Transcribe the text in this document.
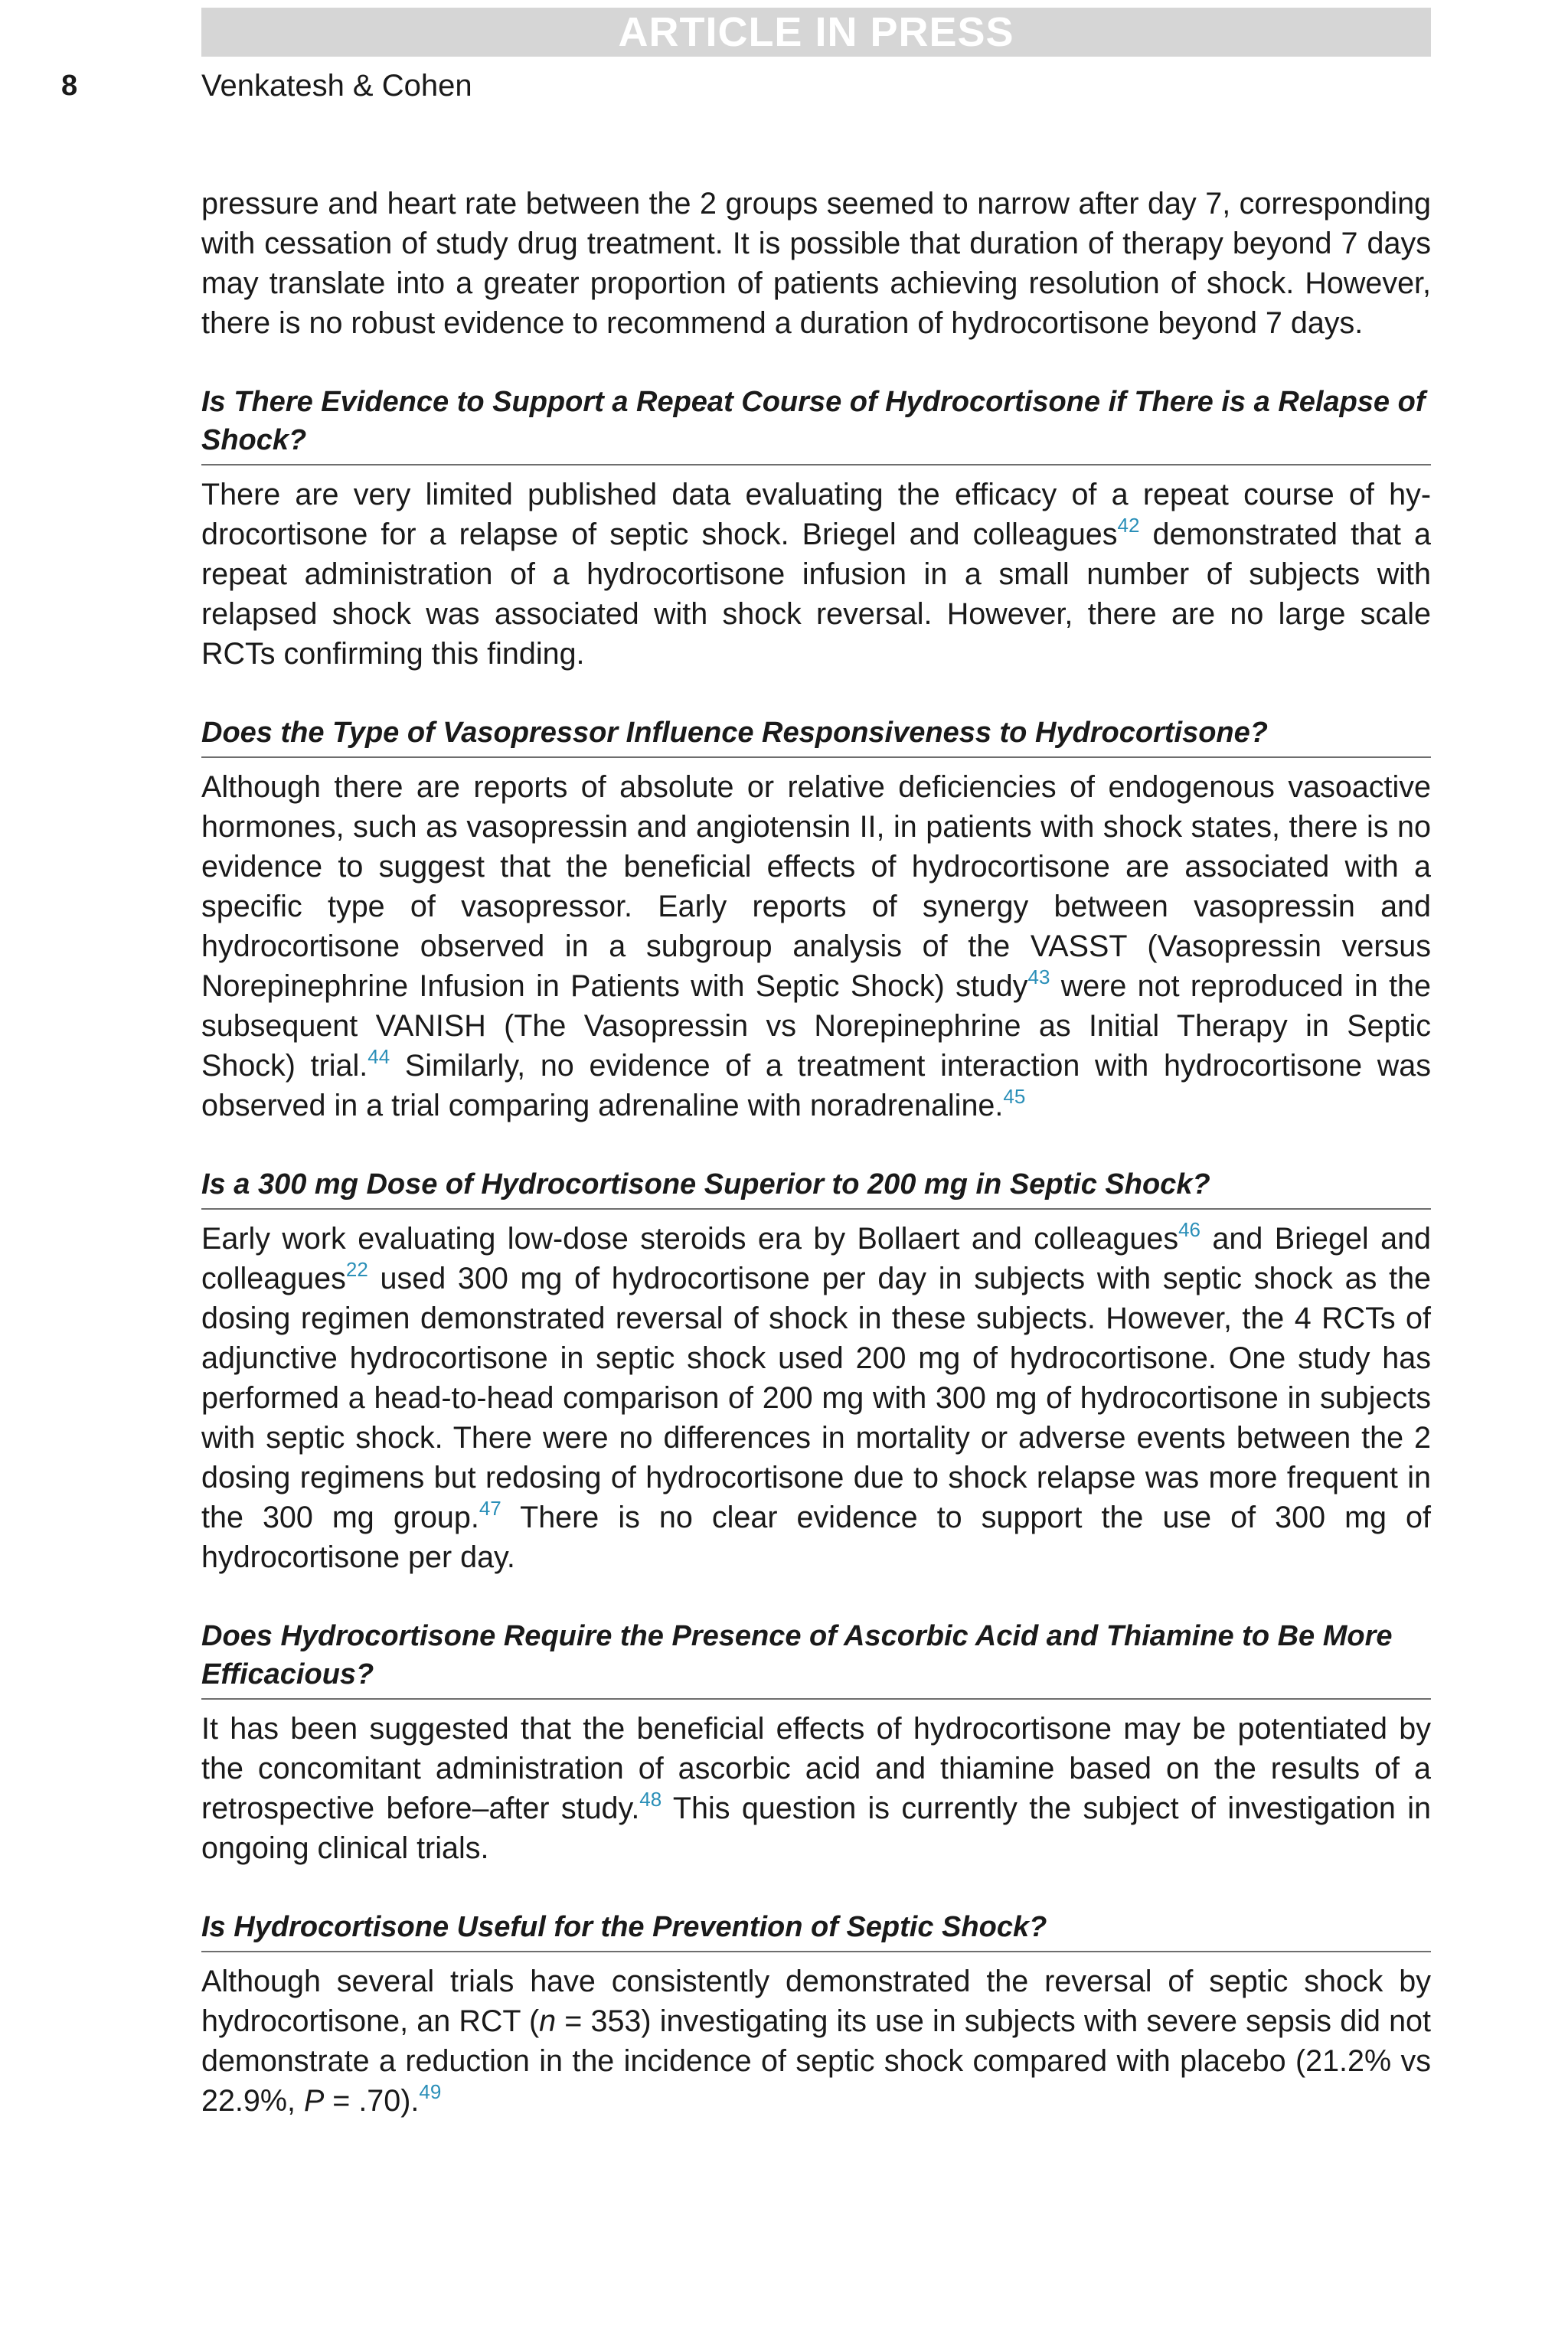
ARTICLE IN PRESS
8	Venkatesh & Cohen

pressure and heart rate between the 2 groups seemed to narrow after day 7, corresponding with cessation of study drug treatment. It is possible that duration of therapy beyond 7 days may translate into a greater proportion of patients achieving resolution of shock. However, there is no robust evidence to recommend a duration of hydrocortisone beyond 7 days.

Is There Evidence to Support a Repeat Course of Hydrocortisone if There is a Relapse of Shock?

There are very limited published data evaluating the efficacy of a repeat course of hydrocortisone for a relapse of septic shock. Briegel and colleagues$^{42}$ demonstrated that a repeat administration of a hydrocortisone infusion in a small number of subjects with relapsed shock was associated with shock reversal. However, there are no large scale RCTs confirming this finding.

Does the Type of Vasopressor Influence Responsiveness to Hydrocortisone?

Although there are reports of absolute or relative deficiencies of endogenous vasoactive hormones, such as vasopressin and angiotensin II, in patients with shock states, there is no evidence to suggest that the beneficial effects of hydrocortisone are associated with a specific type of vasopressor. Early reports of synergy between vasopressin and hydrocortisone observed in a subgroup analysis of the VASST (Vasopressin versus Norepinephrine Infusion in Patients with Septic Shock) study$^{43}$ were not reproduced in the subsequent VANISH (The Vasopressin vs Norepinephrine as Initial Therapy in Septic Shock) trial.$^{44}$ Similarly, no evidence of a treatment interaction with hydrocortisone was observed in a trial comparing adrenaline with noradrenaline.$^{45}$

Is a 300 mg Dose of Hydrocortisone Superior to 200 mg in Septic Shock?

Early work evaluating low-dose steroids era by Bollaert and colleagues$^{46}$ and Briegel and colleagues$^{22}$ used 300 mg of hydrocortisone per day in subjects with septic shock as the dosing regimen demonstrated reversal of shock in these subjects. However, the 4 RCTs of adjunctive hydrocortisone in septic shock used 200 mg of hydrocortisone. One study has performed a head-to-head comparison of 200 mg with 300 mg of hydrocortisone in subjects with septic shock. There were no differences in mortality or adverse events between the 2 dosing regimens but redosing of hydrocortisone due to shock relapse was more frequent in the 300 mg group.$^{47}$ There is no clear evidence to support the use of 300 mg of hydrocortisone per day.

Does Hydrocortisone Require the Presence of Ascorbic Acid and Thiamine to Be More Efficacious?

It has been suggested that the beneficial effects of hydrocortisone may be potentiated by the concomitant administration of ascorbic acid and thiamine based on the results of a retrospective before–after study.$^{48}$ This question is currently the subject of investigation in ongoing clinical trials.

Is Hydrocortisone Useful for the Prevention of Septic Shock?

Although several trials have consistently demonstrated the reversal of septic shock by hydrocortisone, an RCT (n = 353) investigating its use in subjects with severe sepsis did not demonstrate a reduction in the incidence of septic shock compared with placebo (21.2% vs 22.9%, P = .70).$^{49}$
